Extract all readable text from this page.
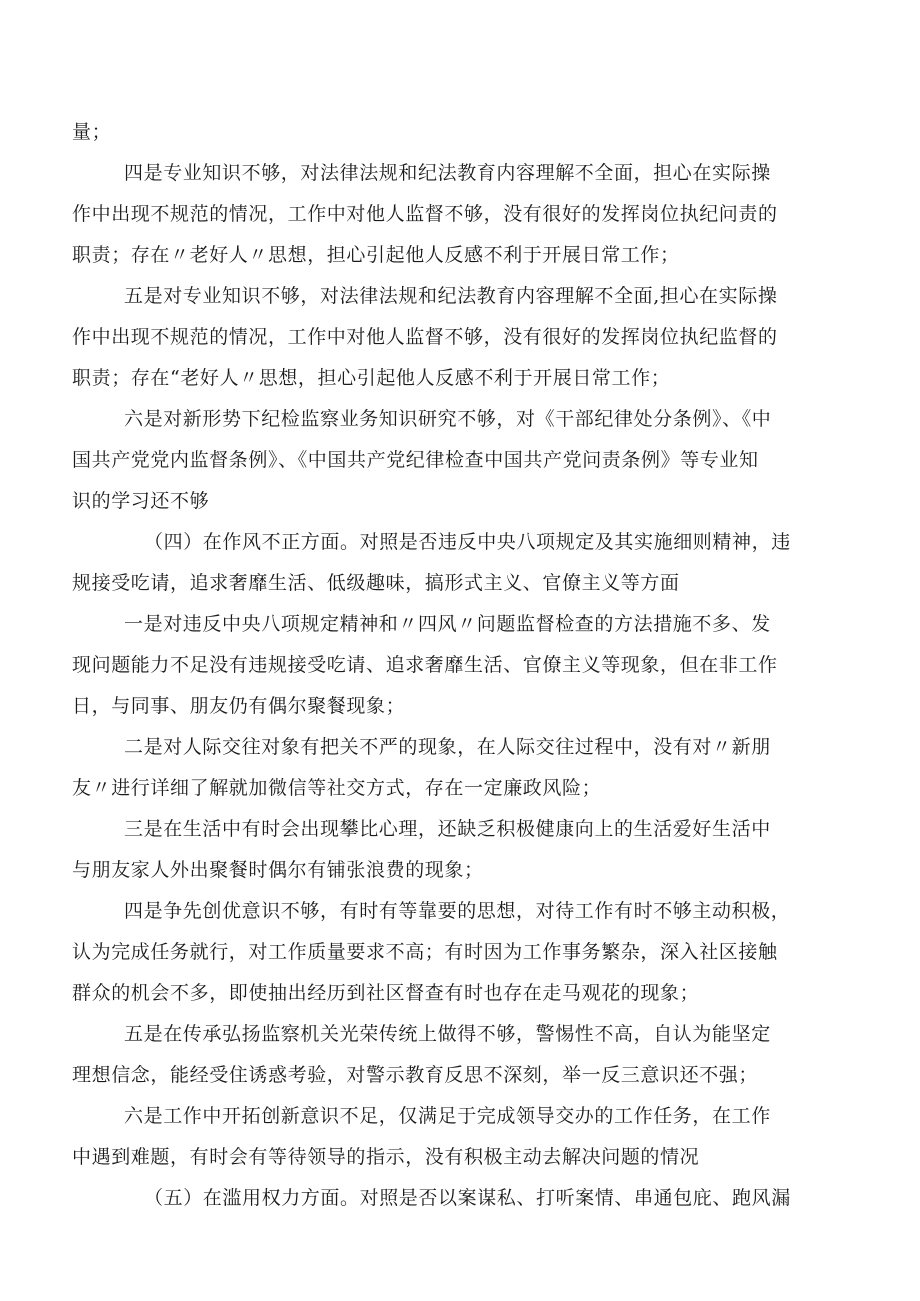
量；
四是专业知识不够，对法律法规和纪法教育内容理解不全面，担心在实际操
作中出现不规范的情况，工作中对他人监督不够，没有很好的发挥岗位执纪问责的
职责；存在〃老好人〃思想，担心引起他人反感不利于开展日常工作；
五是对专业知识不够，对法律法规和纪法教育内容理解不全面,担心在实际操
作中出现不规范的情况，工作中对他人监督不够，没有很好的发挥岗位执纪监督的
职责；存在“老好人〃思想，担心引起他人反感不利于开展日常工作；
六是对新形势下纪检监察业务知识研究不够，对《干部纪律处分条例》、《中
国共产党党内监督条例》、《中国共产党纪律检查中国共产党问责条例》等专业知
识的学习还不够
（四）在作风不正方面。对照是否违反中央八项规定及其实施细则精神，违
规接受吃请，追求奢靡生活、低级趣味，搞形式主义、官僚主义等方面
一是对违反中央八项规定精神和〃四风〃问题监督检查的方法措施不多、发
现问题能力不足没有违规接受吃请、追求奢靡生活、官僚主义等现象，但在非工作
日，与同事、朋友仍有偶尔聚餐现象；
二是对人际交往对象有把关不严的现象，在人际交往过程中，没有对〃新朋
友〃进行详细了解就加微信等社交方式，存在一定廉政风险；
三是在生活中有时会出现攀比心理，还缺乏积极健康向上的生活爱好生活中
与朋友家人外出聚餐时偶尔有铺张浪费的现象；
四是争先创优意识不够，有时有等靠要的思想，对待工作有时不够主动积极，
认为完成任务就行，对工作质量要求不高；有时因为工作事务繁杂，深入社区接触
群众的机会不多，即使抽出经历到社区督查有时也存在走马观花的现象；
五是在传承弘扬监察机关光荣传统上做得不够，警惕性不高，自认为能坚定
理想信念，能经受住诱惑考验，对警示教育反思不深刻，举一反三意识还不强；
六是工作中开拓创新意识不足，仅满足于完成领导交办的工作任务，在工作
中遇到难题，有时会有等待领导的指示，没有积极主动去解决问题的情况
（五）在滥用权力方面。对照是否以案谋私、打听案情、串通包庇、跑风漏
